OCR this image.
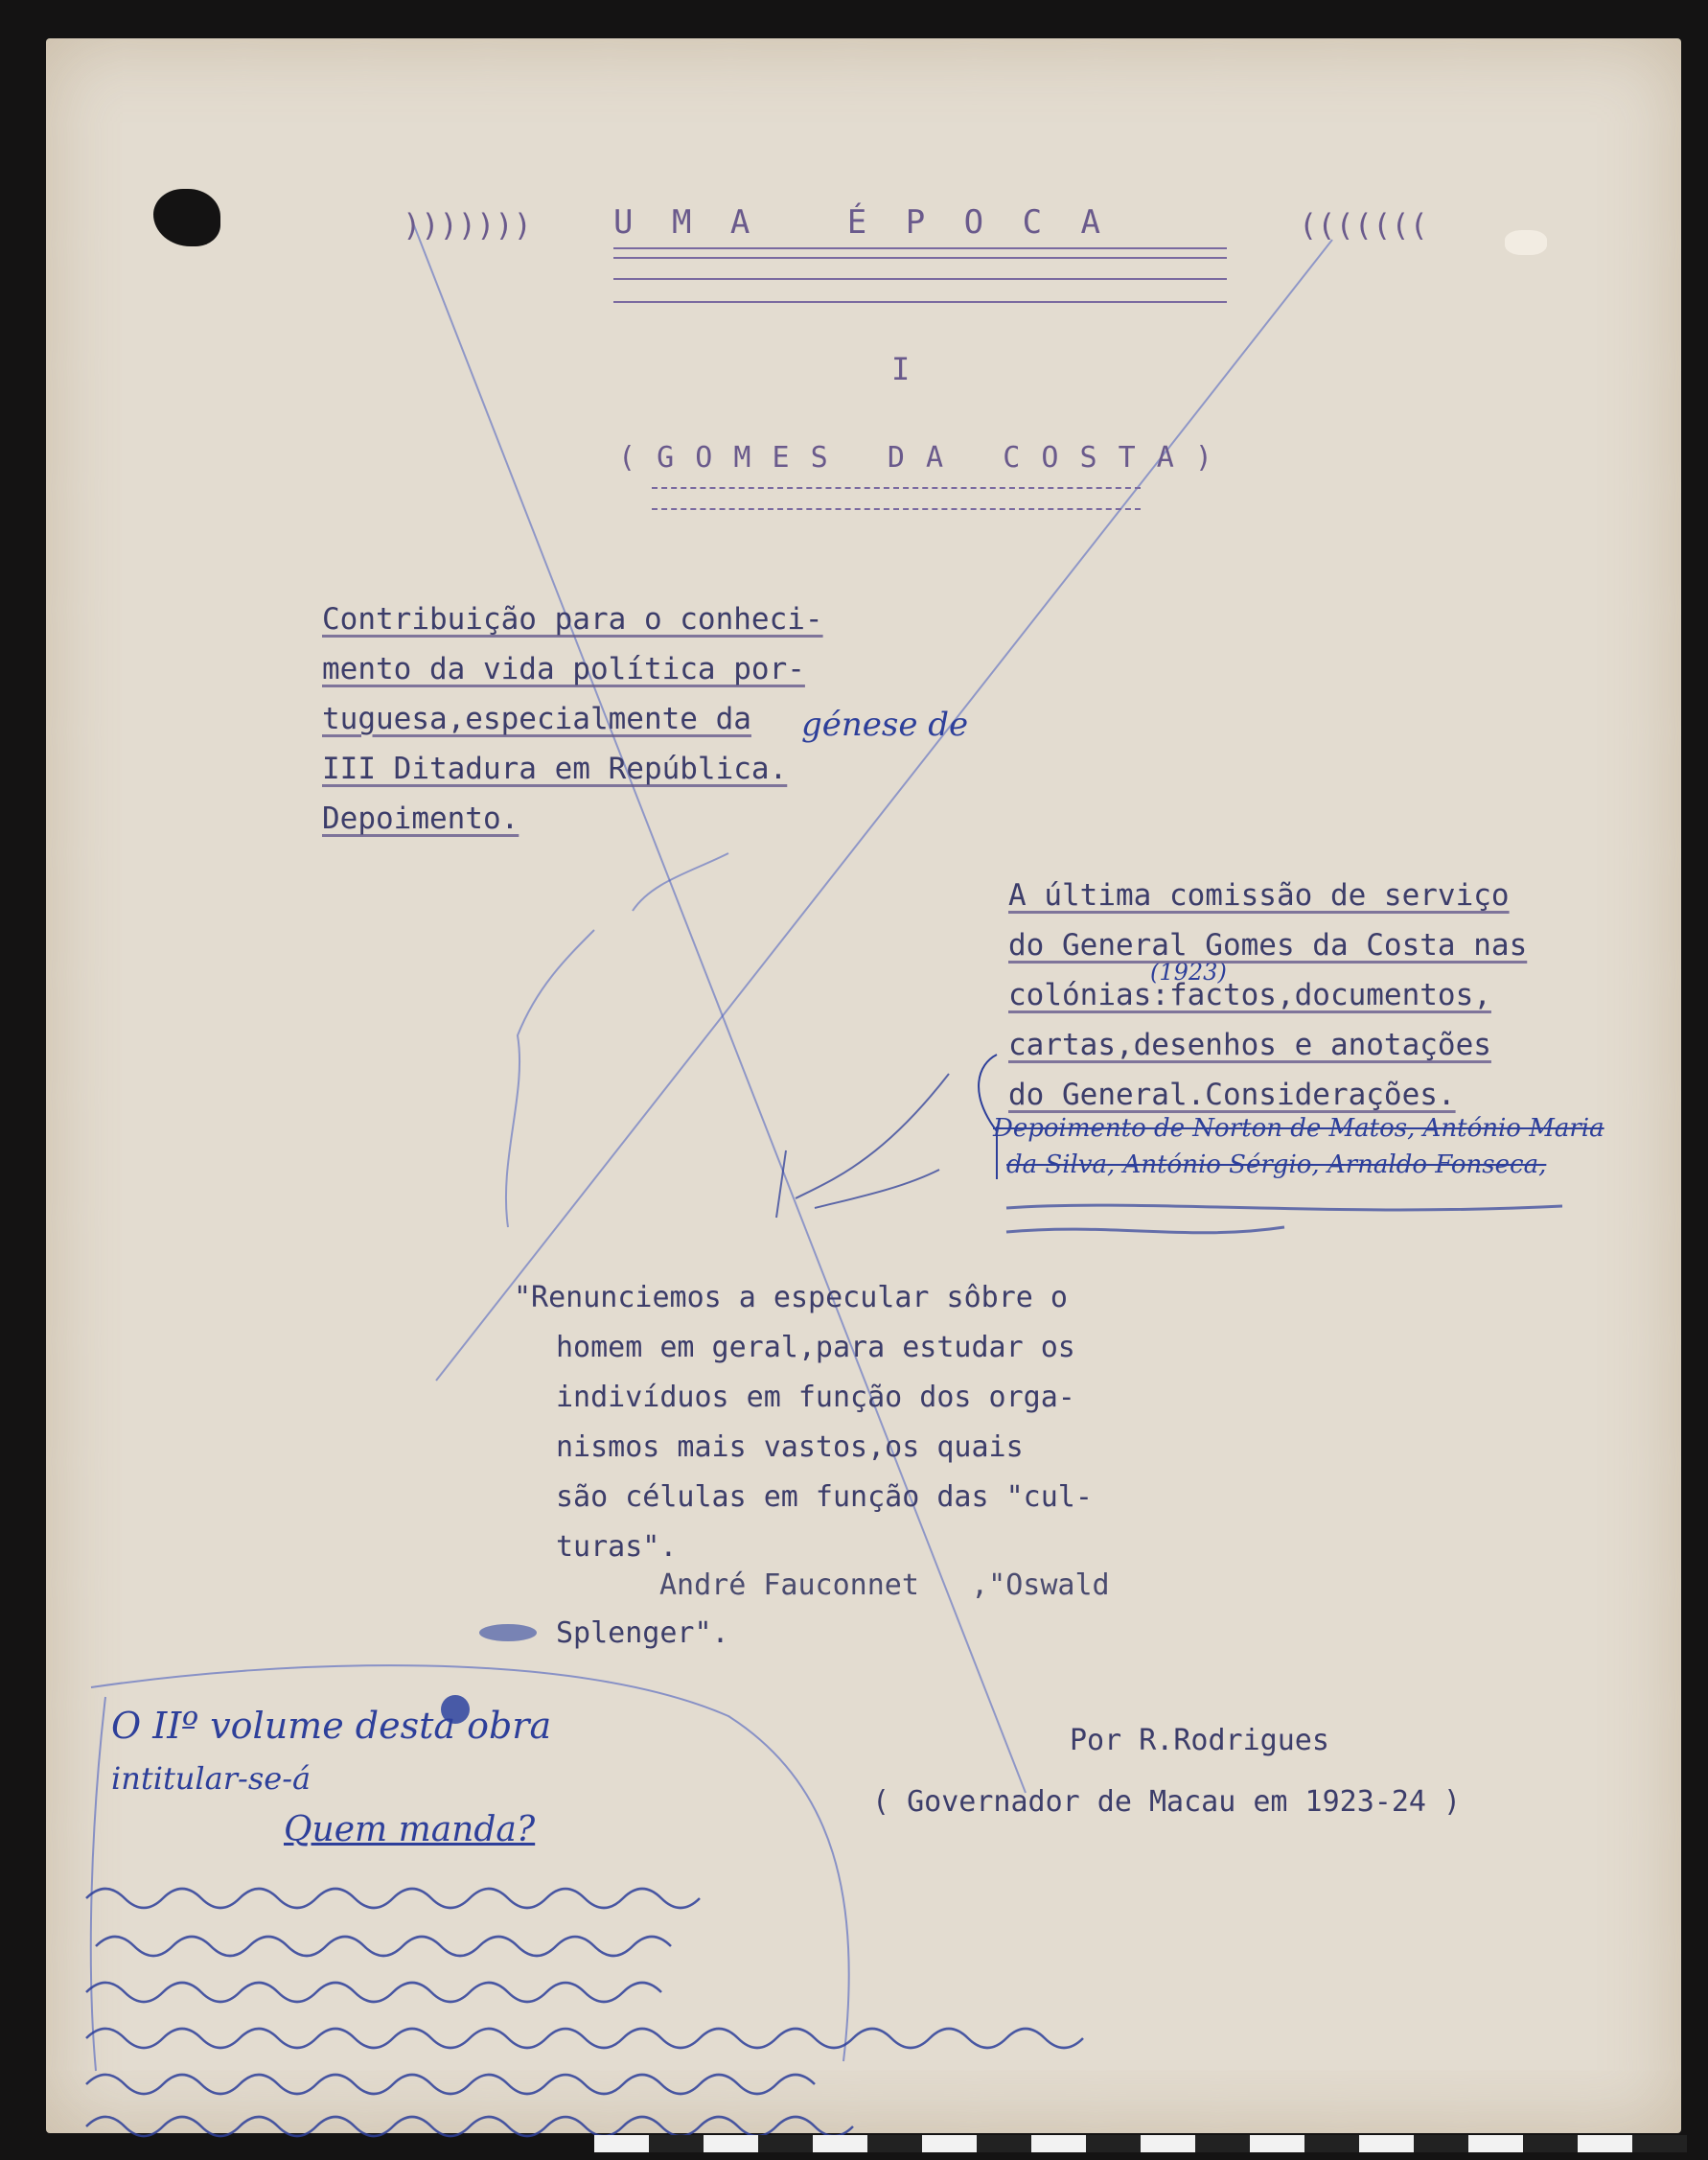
)))))))	U M A   É P O C A	(((((((
I
( G O M E S   D A   C O S T A )
Contribuição para o conheci-
mento da vida política por-
tuguesa,especialmente da génese de
III Ditadura em República.
Depoimento.
(1923)
A última comissão de serviço
do General Gomes da Costa nas
colónias:factos,documentos,
cartas,desenhos e anotações
do General.Considerações.
Depoimento de Norton de Matos, António Maria
da Silva, António Sérgio, Arnaldo Fonseca,
"Renunciemos a especular sôbre o
homem em geral,para estudar os
indivíduos em função dos orga-
nismos mais vastos,os quais
são células em função das "cul-
turas".
André Fauconnet   ,"Oswald
Splenger".
Por R.Rodrigues
( Governador de Macau em 1923-24 )
O IIº volume desta obra
intitular-se-á
Quem manda?
